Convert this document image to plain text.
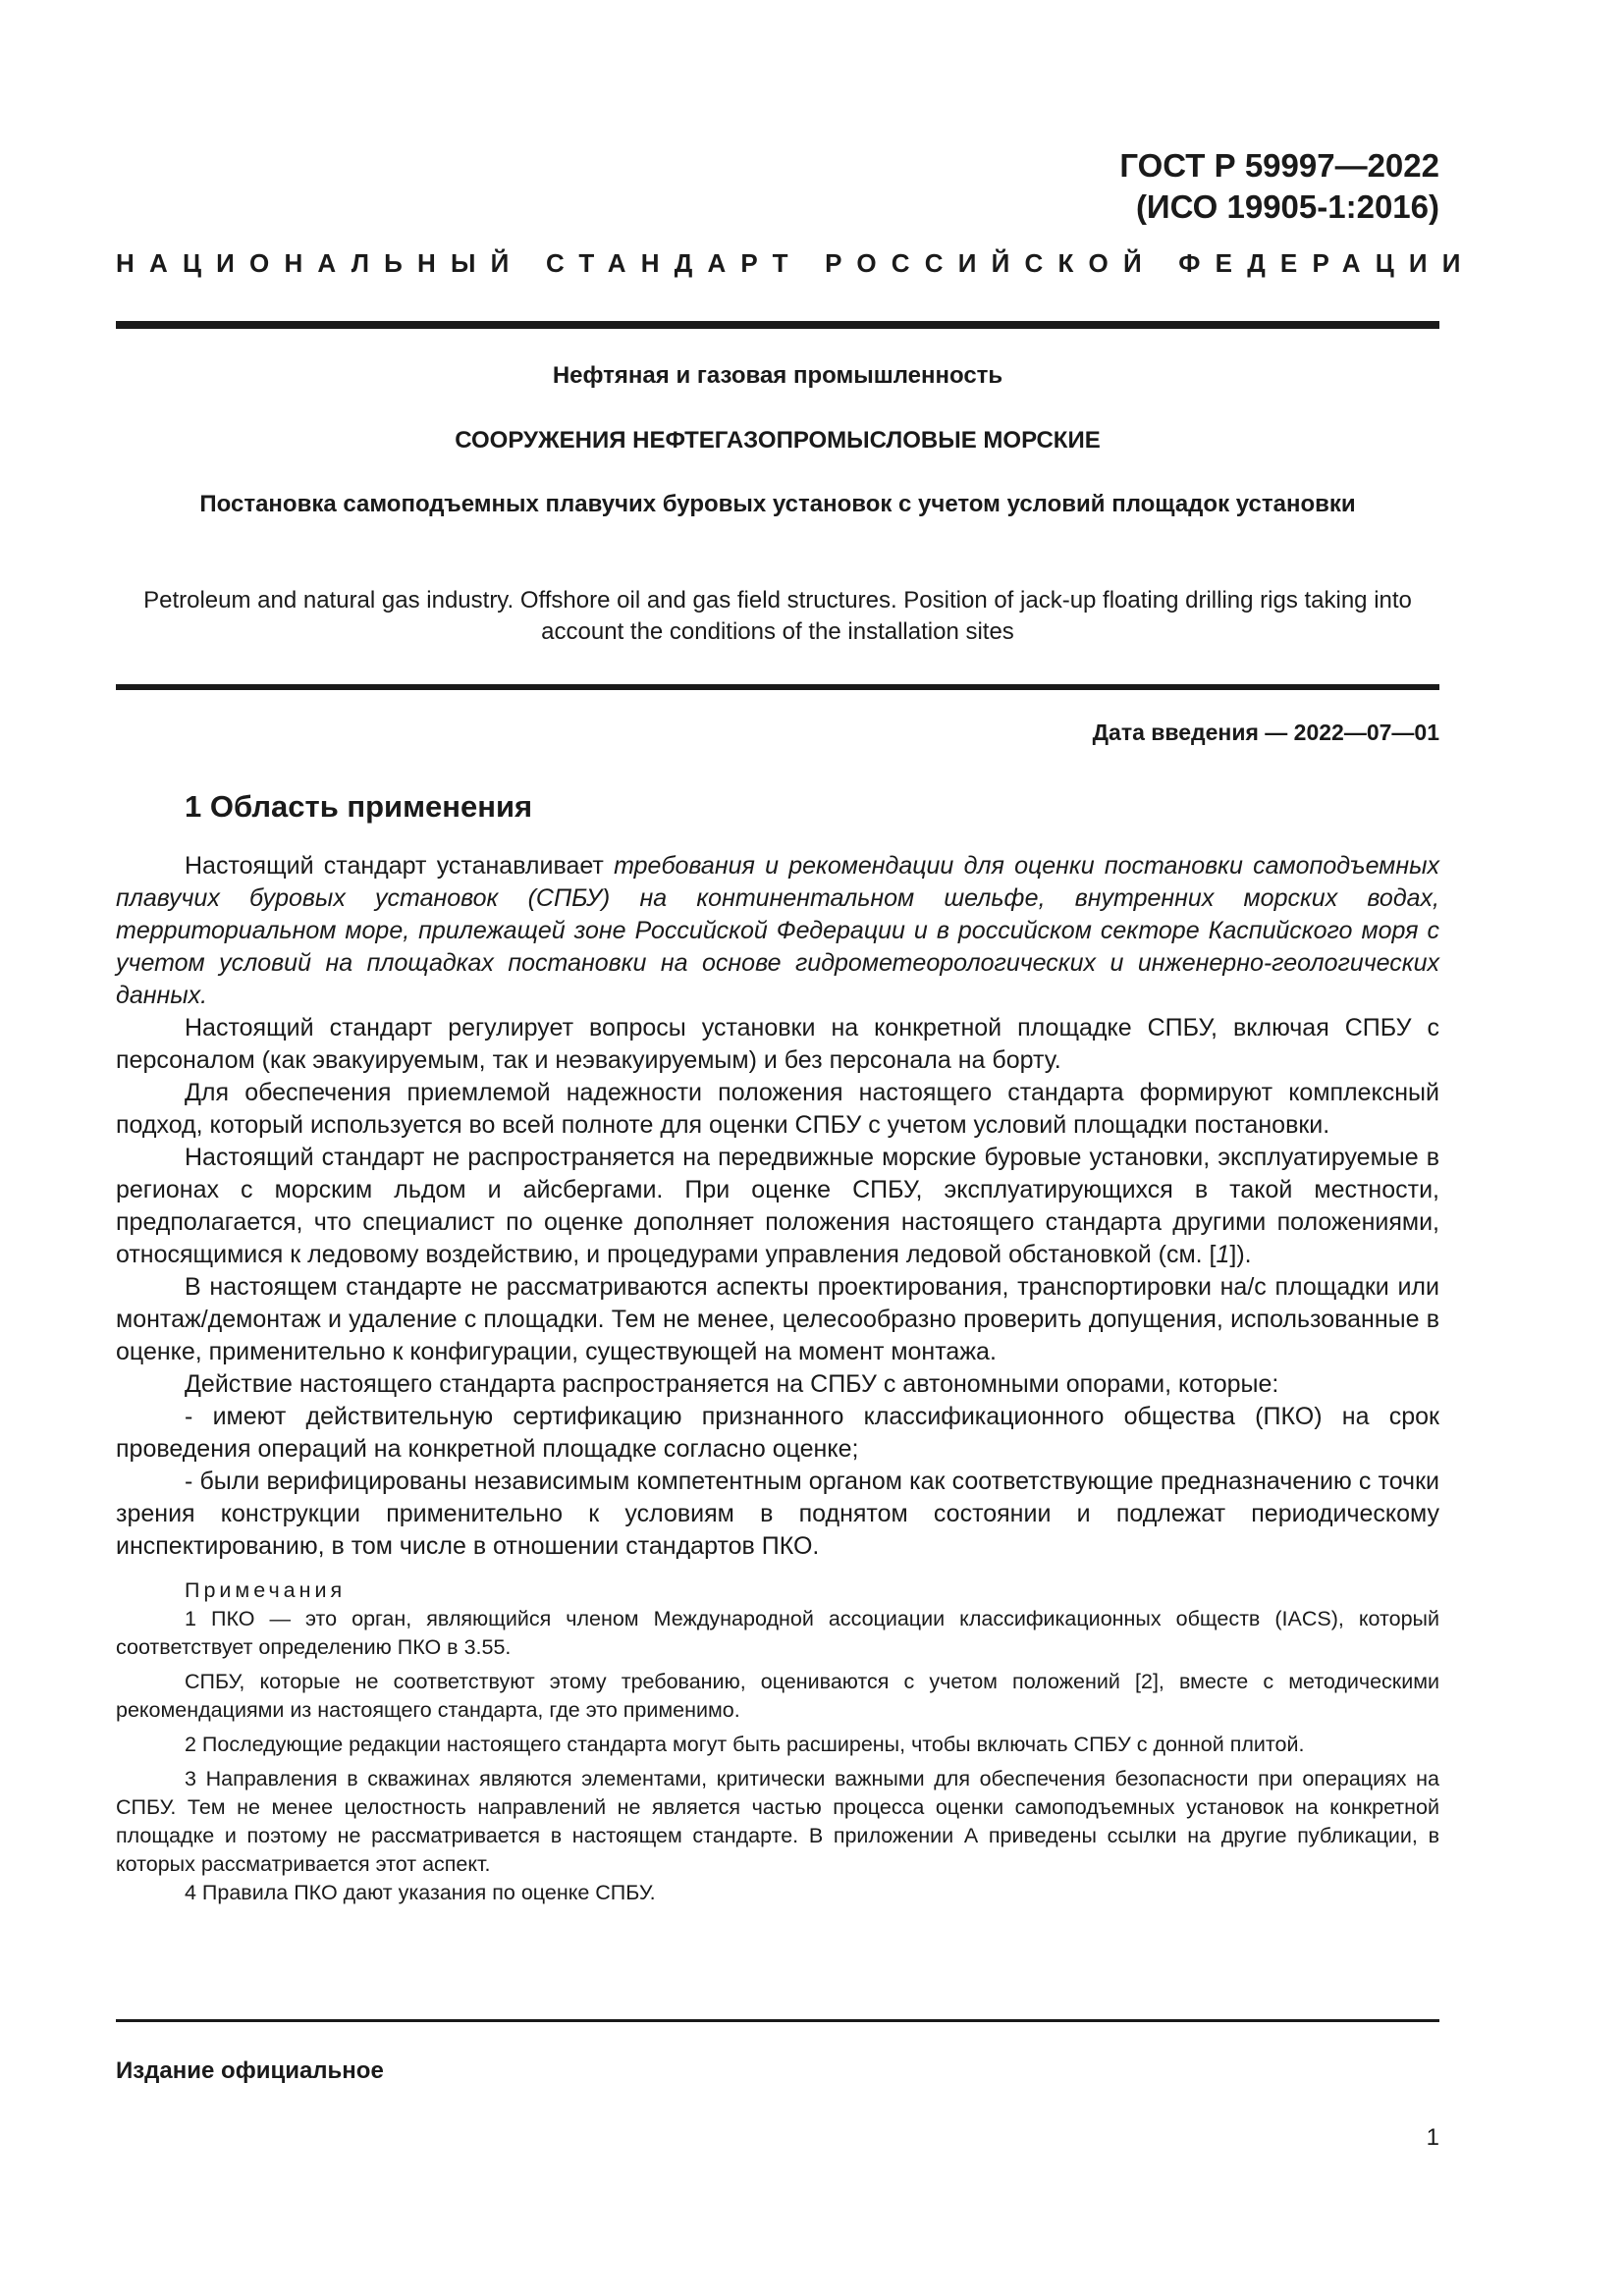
ГОСТ Р 59997—2022
(ИСО 19905-1:2016)
НАЦИОНАЛЬНЫЙ СТАНДАРТ РОССИЙСКОЙ ФЕДЕРАЦИИ
Нефтяная и газовая промышленность
СООРУЖЕНИЯ НЕФТЕГАЗОПРОМЫСЛОВЫЕ МОРСКИЕ
Постановка самоподъемных плавучих буровых установок с учетом условий площадок установки
Petroleum and natural gas industry. Offshore oil and gas field structures. Position of jack-up floating drilling rigs taking into account the conditions of the installation sites
Дата введения — 2022—07—01
1 Область применения

Настоящий стандарт устанавливает требования и рекомендации для оценки постановки самоподъемных плавучих буровых установок (СПБУ) на континентальном шельфе, внутренних морских водах, территориальном море, прилежащей зоне Российской Федерации и в российском секторе Каспийского моря с учетом условий на площадках постановки на основе гидрометеорологических и инженерно-геологических данных.

Настоящий стандарт регулирует вопросы установки на конкретной площадке СПБУ, включая СПБУ с персоналом (как эвакуируемым, так и неэвакуируемым) и без персонала на борту.

Для обеспечения приемлемой надежности положения настоящего стандарта формируют комплексный подход, который используется во всей полноте для оценки СПБУ с учетом условий площадки постановки.

Настоящий стандарт не распространяется на передвижные морские буровые установки, эксплуатируемые в регионах с морским льдом и айсбергами. При оценке СПБУ, эксплуатирующихся в такой местности, предполагается, что специалист по оценке дополняет положения настоящего стандарта другими положениями, относящимися к ледовому воздействию, и процедурами управления ледовой обстановкой (см. [1]).

В настоящем стандарте не рассматриваются аспекты проектирования, транспортировки на/с площадки или монтаж/демонтаж и удаление с площадки. Тем не менее, целесообразно проверить допущения, использованные в оценке, применительно к конфигурации, существующей на момент монтажа.

Действие настоящего стандарта распространяется на СПБУ с автономными опорами, которые:

- имеют действительную сертификацию признанного классификационного общества (ПКО) на срок проведения операций на конкретной площадке согласно оценке;

- были верифицированы независимым компетентным органом как соответствующие предназначению с точки зрения конструкции применительно к условиям в поднятом состоянии и подлежат периодическому инспектированию, в том числе в отношении стандартов ПКО.

Примечания

1 ПКО — это орган, являющийся членом Международной ассоциации классификационных обществ (IACS), который соответствует определению ПКО в 3.55.

СПБУ, которые не соответствуют этому требованию, оцениваются с учетом положений [2], вместе с методическими рекомендациями из настоящего стандарта, где это применимо.

2 Последующие редакции настоящего стандарта могут быть расширены, чтобы включать СПБУ с донной плитой.

3 Направления в скважинах являются элементами, критически важными для обеспечения безопасности при операциях на СПБУ. Тем не менее целостность направлений не является частью процесса оценки самоподъемных установок на конкретной площадке и поэтому не рассматривается в настоящем стандарте. В приложении А приведены ссылки на другие публикации, в которых рассматривается этот аспект.

4 Правила ПКО дают указания по оценке СПБУ.

Издание официальное
1
